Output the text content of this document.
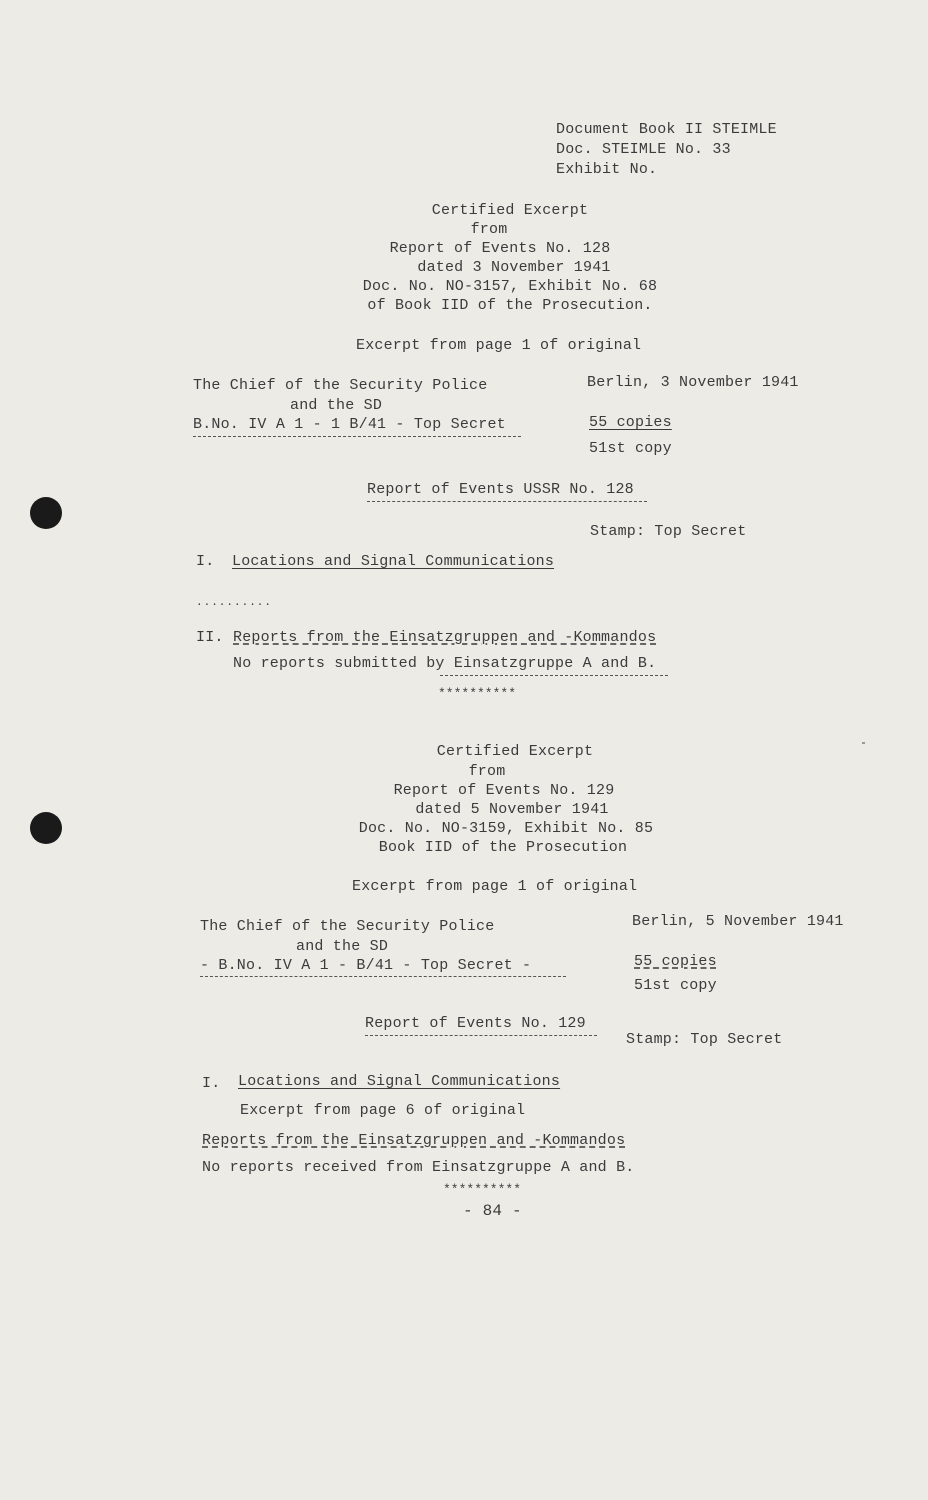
Document Book II STEIMLE
Doc. STEIMLE No. 33
Exhibit No.
Certified Excerpt
from
Report of Events No. 128
dated 3 November 1941
Doc. No. NO-3157, Exhibit No. 68
of Book IID of the Prosecution.
Excerpt from page 1 of original
The Chief of the Security Police
and the SD
B.No. IV A 1 - 1 B/41 - Top Secret
Berlin, 3 November 1941
55 copies
51st copy
Report of Events USSR No. 128
Stamp: Top Secret
I. Locations and Signal Communications
..........
II. Reports from the Einsatzgruppen and -Kommandos
No reports submitted by Einsatzgruppe A and B.
**********
Certified Excerpt
from
Report of Events No. 129
dated 5 November 1941
Doc. No. NO-3159, Exhibit No. 85
Book IID of the Prosecution
Excerpt from page 1 of original
The Chief of the Security Police
and the SD
- B.No. IV A 1 - B/41 - Top Secret -
Berlin, 5 November 1941
55 copies
51st copy
Report of Events No. 129
Stamp: Top Secret
I. Locations and Signal Communications
Excerpt from page 6 of original
Reports from the Einsatzgruppen and -Kommandos
No reports received from Einsatzgruppe A and B.
**********
- 84 -
